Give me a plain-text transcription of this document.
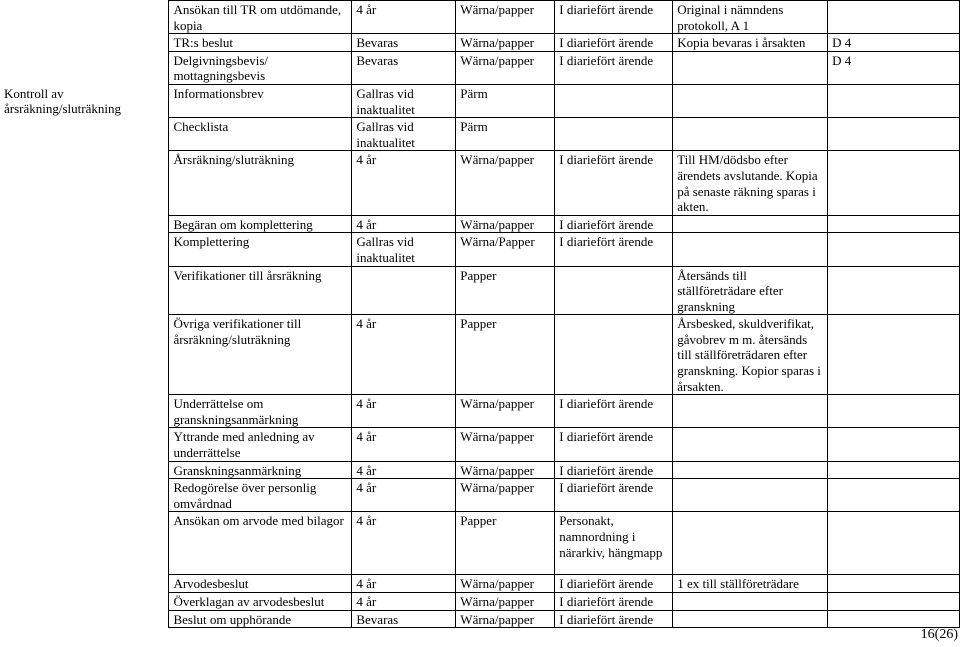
Kontroll av årsräkning/sluträkning	Ansökan till TR om utdömande, kopia	4 år	Wärna/papper	I diariefört ärende	Original i nämndens protokoll, A 1	
	TR:s beslut	Bevaras	Wärna/papper	I diariefört ärende	Kopia bevaras i årsakten	D 4
	Delgivningsbevis/ mottagningsbevis	Bevaras	Wärna/papper	I diariefört ärende		D 4
	Informationsbrev	Gallras vid inaktualitet	Pärm			
	Checklista	Gallras vid inaktualitet	Pärm			
	Årsräkning/sluträkning	4 år	Wärna/papper	I diariefört ärende	Till HM/dödsbo efter ärendets avslutande. Kopia på senaste räkning sparas i akten.	
	Begäran om komplettering	4 år	Wärna/papper	I diariefört ärende		
	Komplettering	Gallras vid inaktualitet	Wärna/Papper	I diariefört ärende		
	Verifikationer till årsräkning		Papper		Återsänds till ställföreträdare efter granskning	
	Övriga verifikationer till årsräkning/sluträkning	4 år	Papper		Årsbesked, skuldverifikat, gåvobrev m m. återsänds till ställföreträdaren efter granskning. Kopior sparas i årsakten.	
	Underrättelse om granskningsanmärkning	4 år	Wärna/papper	I diariefört ärende		
	Yttrande med anledning av underrättelse	4 år	Wärna/papper	I diariefört ärende		
	Granskningsanmärkning	4 år	Wärna/papper	I diariefört ärende		
	Redogörelse över personlig omvårdnad	4 år	Wärna/papper	I diariefört ärende		
	Ansökan om arvode med bilagor	4 år	Papper	Personakt, namnordning i närarkiv, hängmapp		
	Arvodesbeslut	4 år	Wärna/papper	I diariefört ärende	1 ex till ställföreträdare	
	Överklagan av arvodesbeslut	4 år	Wärna/papper	I diariefört ärende		
	Beslut om upphörande	Bevaras	Wärna/papper	I diariefört ärende		
16(26)
